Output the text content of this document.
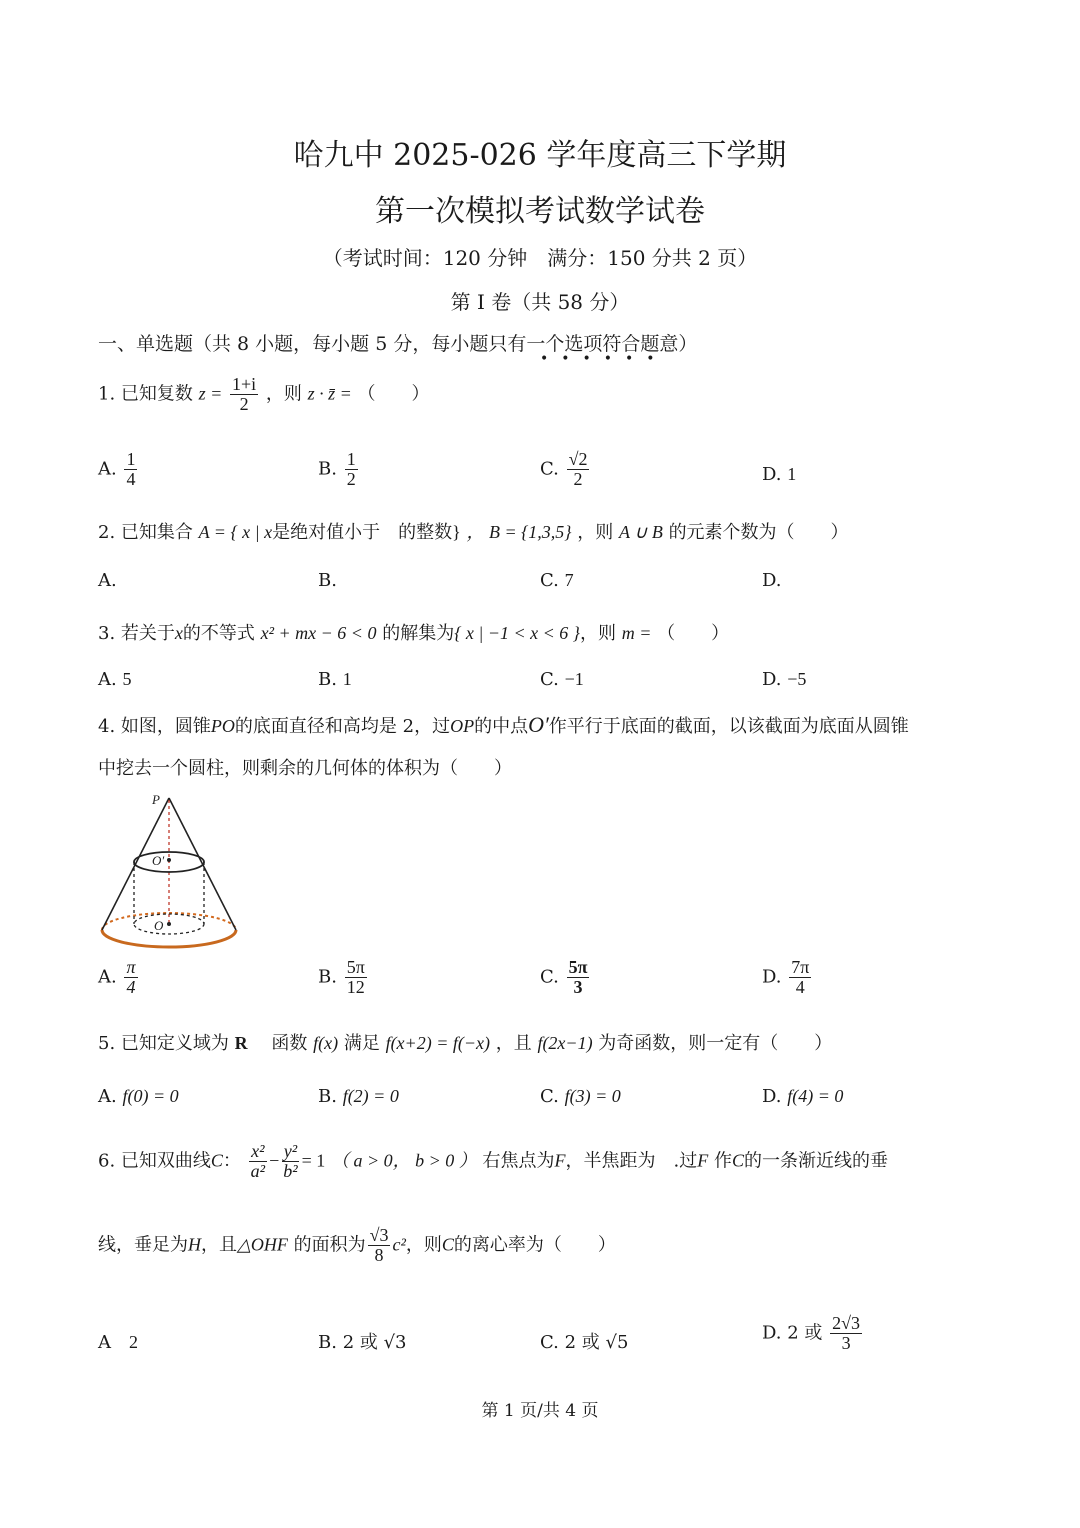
哈九中 2025-026 学年度高三下学期
第一次模拟考试数学试卷
（考试时间：120 分钟　满分：150 分共 2 页）
第 Ⅰ 卷（共 58 分）
一、单选题（共 8 小题，每小题 5 分，每小题只有一个选项符合题意）
••••••
1. 已知复数 $z = \frac{1+i}{2}$ ，则 z · z̄ = （　　）
A. $\frac{1}{4}$	B. $\frac{1}{2}$	C. $\frac{√2}{2}$	D. 1
2. 已知集合 A = { x | x是绝对值小于　的整数} ， B = {1,3,5} ，则 A ∪ B 的元素个数为（　　）
A.	B.	C. 7	D.
3. 若关于x的不等式 x² + mx − 6 < 0 的解集为{ x | −1 < x < 6 }，则 m = （　　）
A. 5	B. 1	C. −1	D. −5
4. 如图，圆锥PO的底面直径和高均是 2，过OP的中点O′作平行于底面的截面，以该截面为底面从圆锥
中挖去一个圆柱，则剩余的几何体的体积为（　　）
P
O′
O
A. $\frac{\pi}{4}$	B. $\frac{5\pi}{12}$	C. $\frac{5\pi}{3}$	D. $\frac{7\pi}{4}$
5. 已知定义域为 R 　函数 f(x) 满足 f(x+2) = f(−x) ，且 f(2x−1) 为奇函数，则一定有（　　）
A. f(0) = 0	B. f(2) = 0	C. f(3) = 0	D. f(4) = 0
6. 已知双曲线C： $\frac{\text{x²}}{\text{a²}} - \frac{\text{y²}}{\text{b²}} = 1$ （ a > 0， b > 0 ） 右焦点为F，半焦距为　.过F 作C的一条渐近线的垂
线，垂足为H，且△OHF 的面积为 $\frac{√3}{8} c^2$，则C的离心率为（　　）
A　 2	B. 2 或 √3	C. 2 或 √5	D. 2 或 $\frac{2√3}{3}$
第 1 页/共 4 页
